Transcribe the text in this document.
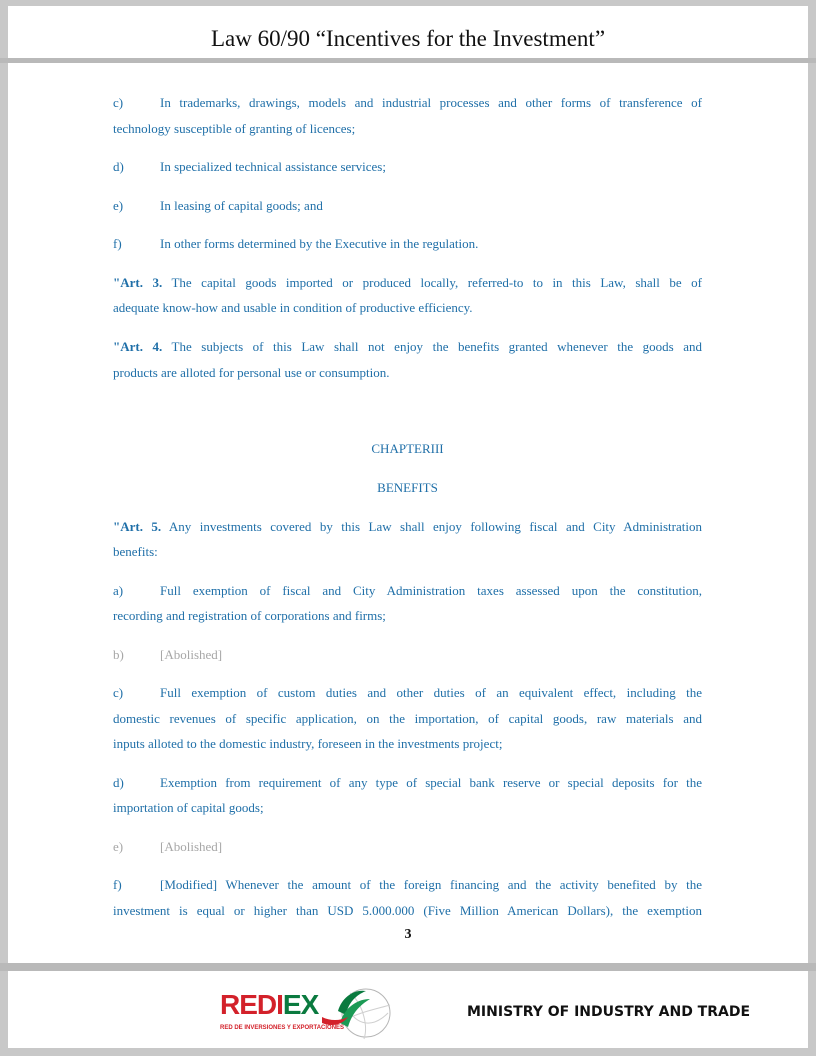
Law 60/90 “Incentives for the Investment”
c)	In trademarks, drawings, models and industrial processes and other forms of transference of
technology susceptible of granting of licences;
d)	In specialized technical assistance services;
e)	In leasing of capital goods; and
f)	In other forms determined by the Executive in the regulation.
"Art. 3. The capital goods imported or produced locally, referred-to to in this Law, shall be of
adequate know-how and usable in condition of productive efficiency.
"Art. 4. The subjects of this Law shall not enjoy the benefits granted whenever the goods and
products are alloted for personal use or consumption.
CHAPTERIII
BENEFITS
"Art. 5. Any investments covered by this Law shall enjoy following fiscal and City Administration
benefits:
a)	Full exemption of fiscal and City Administration taxes assessed upon the constitution,
recording and registration of corporations and firms;
b)	[Abolished]
c)	Full exemption of custom duties and other duties of an equivalent effect, including the
domestic revenues of specific application, on the importation, of capital goods, raw materials and
inputs alloted to the domestic industry, foreseen in the investments project;
d)	Exemption from requirement of any type of special bank reserve or special deposits for the
importation of capital goods;
e)	[Abolished]
f)	[Modified] Whenever the amount of the foreign financing and the activity benefited by the
investment is equal or higher than USD 5.000.000 (Five Million American Dollars), the exemption
3
REDIEX
RED DE INVERSIONES Y EXPORTACIONES
MINISTRY OF INDUSTRY AND TRADE
